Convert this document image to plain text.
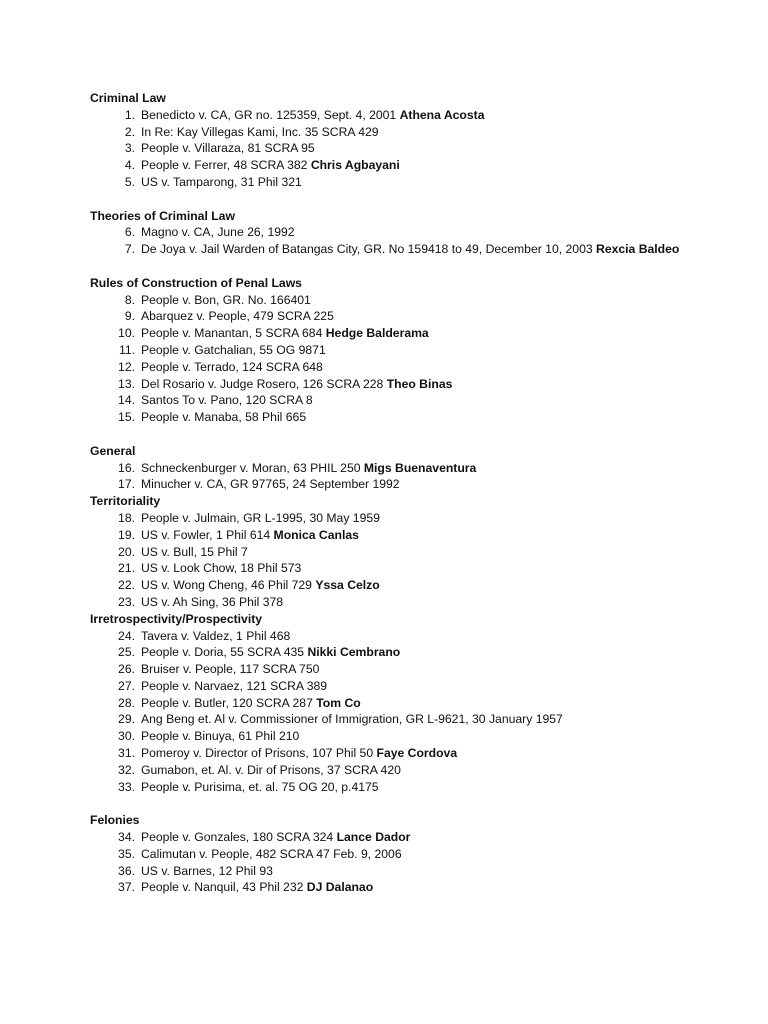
Criminal Law
1. Benedicto v. CA, GR no. 125359, Sept. 4, 2001
Athena Acosta
2. In Re: Kay Villegas Kami, Inc. 35 SCRA 429
3. People v. Villaraza, 81 SCRA 95
4. People v. Ferrer, 48 SCRA 382
Chris Agbayani
5. US v. Tamparong, 31 Phil 321
Theories of Criminal Law
6. Magno v. CA, June 26, 1992
7. De Joya v. Jail Warden of Batangas City, GR. No 159418 to 49, December 10, 2003
Rexcia Baldeo
Rules of Construction of Penal Laws
8. People v. Bon, GR. No. 166401
9. Abarquez v. People, 479 SCRA 225
10. People v. Manantan, 5 SCRA 684
Hedge Balderama
11. People v. Gatchalian, 55 OG 9871
12. People v. Terrado, 124 SCRA 648
13. Del Rosario v. Judge Rosero, 126 SCRA 228
Theo Binas
14. Santos To v. Pano, 120 SCRA 8
15. People v. Manaba, 58 Phil 665
General
16. Schneckenburger v. Moran, 63 PHIL 250
Migs Buenaventura
17. Minucher v. CA, GR 97765, 24 September 1992
Territoriality
18. People v. Julmain, GR L-1995, 30 May 1959
19. US v. Fowler, 1 Phil 614
Monica Canlas
20. US v. Bull, 15 Phil 7
21. US v. Look Chow, 18 Phil 573
22. US v. Wong Cheng, 46 Phil 729
Yssa Celzo
23. US v. Ah Sing, 36 Phil 378
Irretrospectivity/Prospectivity
24. Tavera v. Valdez, 1 Phil 468
25. People v. Doria, 55 SCRA 435
Nikki Cembrano
26. Bruiser v. People, 117 SCRA 750
27. People v. Narvaez, 121 SCRA 389
28. People v. Butler, 120 SCRA 287
Tom Co
29. Ang Beng et. Al v. Commissioner of Immigration, GR L-9621, 30 January 1957
30. People v. Binuya, 61 Phil 210
31. Pomeroy v. Director of Prisons, 107 Phil 50
Faye Cordova
32. Gumabon, et. Al. v. Dir of Prisons, 37 SCRA 420
33. People v. Purisima, et. al. 75 OG 20, p.4175
Felonies
34. People v. Gonzales, 180 SCRA 324
Lance Dador
35. Calimutan v. People, 482 SCRA 47 Feb. 9, 2006
36. US v. Barnes, 12 Phil 93
37. People v. Nanquil, 43 Phil 232
DJ Dalanao
